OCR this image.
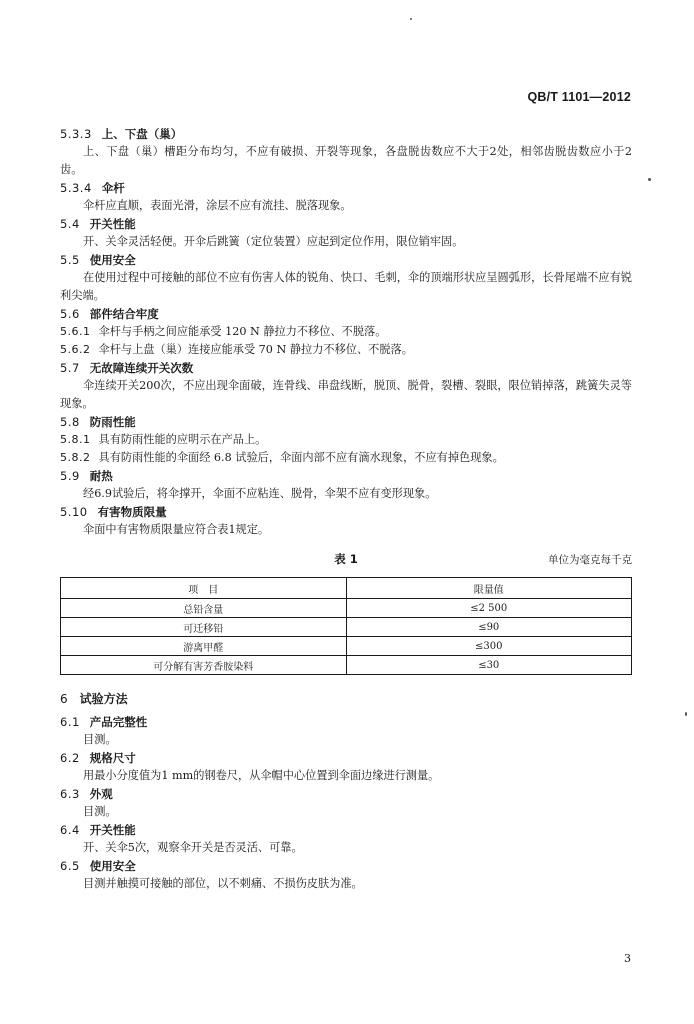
QB/T 1101—2012

5.3.3 上、下盘（巢）

上、下盘（巢）槽距分布均匀，不应有破损、开裂等现象，各盘脱齿数应不大于2处，相邻齿脱齿数应小于2齿。

5.3.4 伞杆

伞杆应直顺，表面光滑，涂层不应有流挂、脱落现象。

5.4 开关性能

开、关伞灵活轻便。开伞后跳簧（定位装置）应起到定位作用，限位销牢固。

5.5 使用安全

在使用过程中可接触的部位不应有伤害人体的锐角、快口、毛刺，伞的顶端形状应呈圆弧形，长骨尾端不应有锐利尖端。

5.6 部件结合牢度

5.6.1 伞杆与手柄之间应能承受 120 N 静拉力不移位、不脱落。

5.6.2 伞杆与上盘（巢）连接应能承受 70 N 静拉力不移位、不脱落。

5.7 无故障连续开关次数

伞连续开关200次，不应出现伞面破，连骨线、串盘线断，脱顶、脱骨，裂槽、裂眼，限位销掉落，跳簧失灵等现象。

5.8 防雨性能

5.8.1 具有防雨性能的应明示在产品上。

5.8.2 具有防雨性能的伞面经 6.8 试验后，伞面内部不应有滴水现象，不应有掉色现象。

5.9 耐热

经6.9试验后，将伞撑开，伞面不应粘连、脱骨，伞架不应有变形现象。

5.10 有害物质限量

伞面中有害物质限量应符合表1规定。

表 1	单位为毫克每千克
项　目	限量值
总铅含量	≤2 500
可迁移铅	≤90
游离甲醛	≤300
可分解有害芳香胺染料	≤30

6 试验方法

6.1 产品完整性

目测。

6.2 规格尺寸

用最小分度值为1 mm的钢卷尺，从伞帽中心位置到伞面边缘进行测量。

6.3 外观

目测。

6.4 开关性能

开、关伞5次，观察伞开关是否灵活、可靠。

6.5 使用安全

目测并触摸可接触的部位，以不刺痛、不损伤皮肤为准。

3
